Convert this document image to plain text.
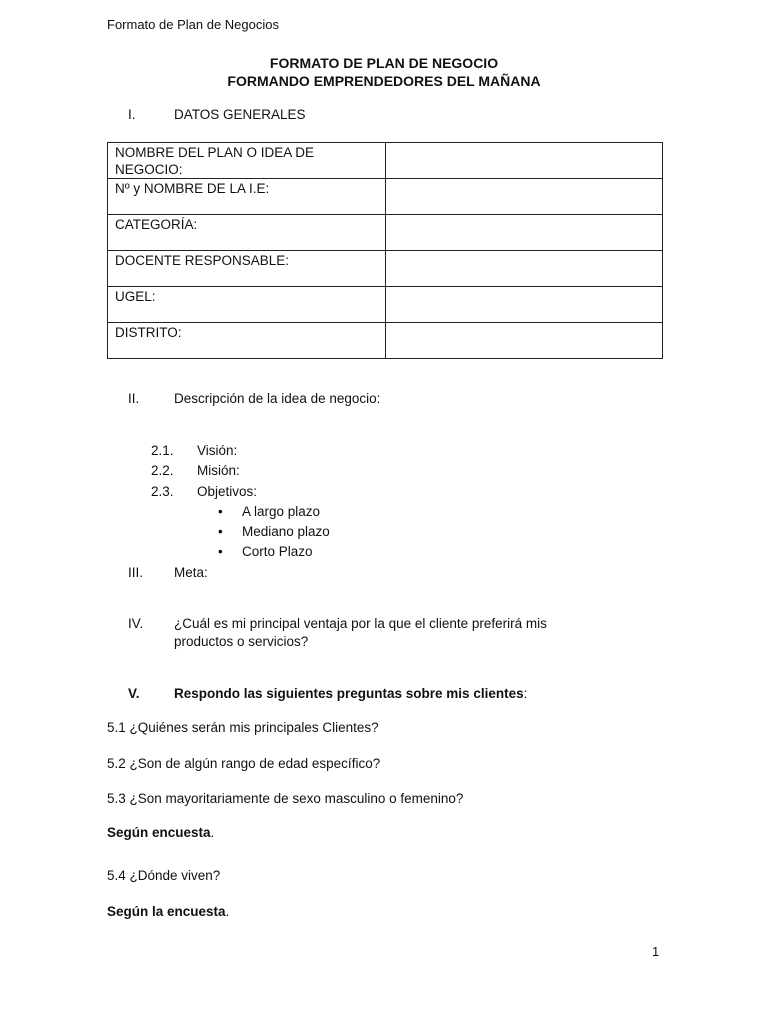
Formato de Plan de Negocios
FORMATO DE PLAN DE NEGOCIO
FORMANDO EMPRENDEDORES DEL MAÑANA
I.	DATOS GENERALES
NOMBRE DEL PLAN O IDEA DE NEGOCIO:	
Nº y NOMBRE DE LA I.E:	
CATEGORÍA:	
DOCENTE RESPONSABLE:	
UGEL:	
DISTRITO:	
II.	Descripción de la idea de negocio:
2.1. Visión:
2.2. Misión:
2.3. Objetivos:
• A largo plazo
• Mediano plazo
• Corto Plazo
III. Meta:
IV. ¿Cuál es mi principal ventaja por la que el cliente preferirá mis
productos o servicios?
V.	Respondo las siguientes preguntas sobre mis clientes:
5.1 ¿Quiénes serán mis principales Clientes?
5.2 ¿Son de algún rango de edad específico?
5.3 ¿Son mayoritariamente de sexo masculino o femenino?
Según encuesta.
5.4 ¿Dónde viven?
Según la encuesta.
1
